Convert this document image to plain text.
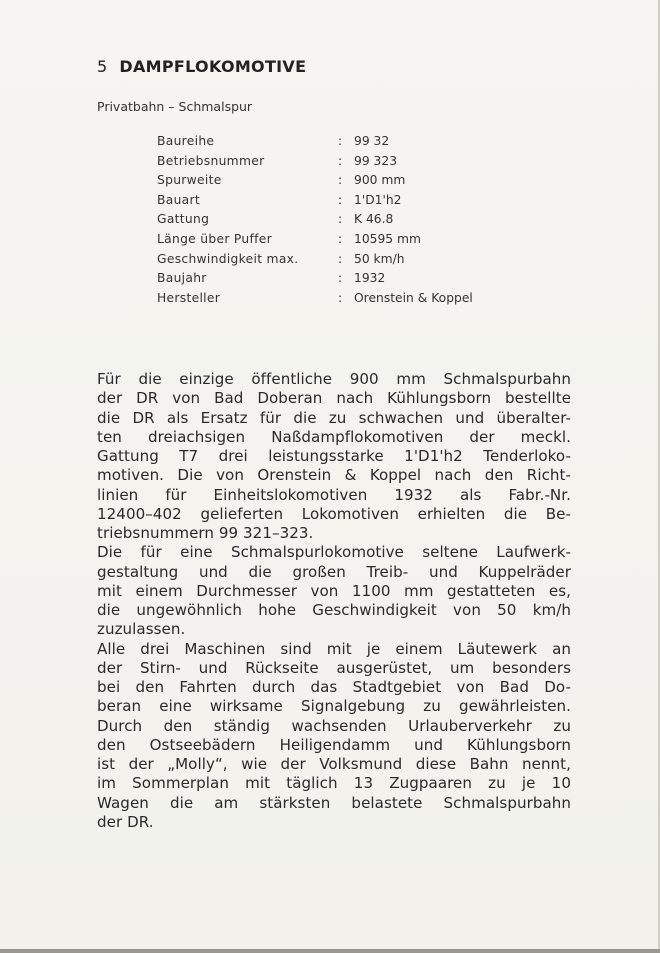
5 DAMPFLOKOMOTIVE
Privatbahn – Schmalspur
Baureihe	: 99 32
Betriebsnummer	: 99 323
Spurweite	: 900 mm
Bauart	: 1'D1'h2
Gattung	: K 46.8
Länge über Puffer	: 10595 mm
Geschwindigkeit max.	: 50 km/h
Baujahr	: 1932
Hersteller	: Orenstein & Koppel
Für die einzige öffentliche 900 mm Schmalspurbahn
der DR von Bad Doberan nach Kühlungsborn bestellte
die DR als Ersatz für die zu schwachen und überalter-
ten dreiachsigen Naßdampflokomotiven der meckl.
Gattung T7 drei leistungsstarke 1'D1'h2 Tenderloko-
motiven. Die von Orenstein & Koppel nach den Richt-
linien für Einheitslokomotiven 1932 als Fabr.-Nr.
12400–402 gelieferten Lokomotiven erhielten die Be-
triebsnummern 99 321–323.
Die für eine Schmalspurlokomotive seltene Laufwerk-
gestaltung und die großen Treib- und Kuppelräder
mit einem Durchmesser von 1100 mm gestatteten es,
die ungewöhnlich hohe Geschwindigkeit von 50 km/h
zuzulassen.
Alle drei Maschinen sind mit je einem Läutewerk an
der Stirn- und Rückseite ausgerüstet, um besonders
bei den Fahrten durch das Stadtgebiet von Bad Do-
beran eine wirksame Signalgebung zu gewährleisten.
Durch den ständig wachsenden Urlauberverkehr zu
den Ostseebädern Heiligendamm und Kühlungsborn
ist der „Molly“, wie der Volksmund diese Bahn nennt,
im Sommerplan mit täglich 13 Zugpaaren zu je 10
Wagen die am stärksten belastete Schmalspurbahn
der DR.
